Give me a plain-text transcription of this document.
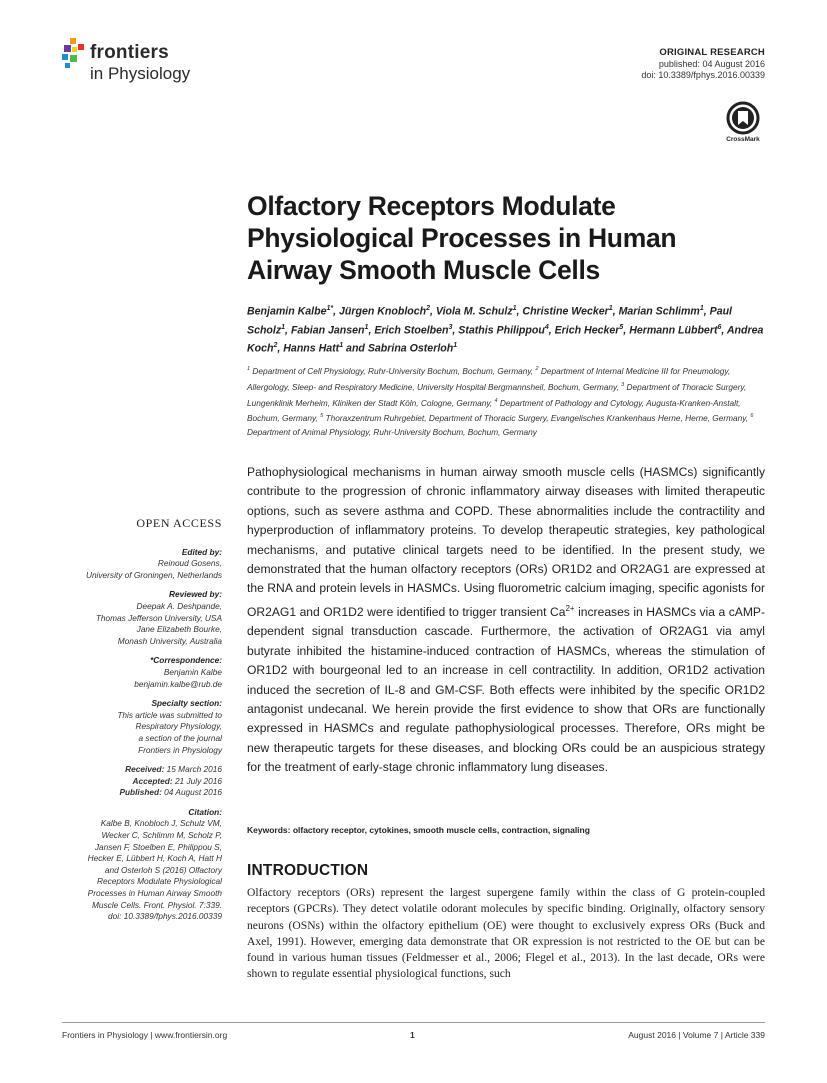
frontiers
in Physiology
ORIGINAL RESEARCH
published: 04 August 2016
doi: 10.3389/fphys.2016.00339
CrossMark
Olfactory Receptors Modulate Physiological Processes in Human Airway Smooth Muscle Cells
Benjamin Kalbe$^{1*}$, Jürgen Knobloch$^2$, Viola M. Schulz$^1$, Christine Wecker$^1$, Marian Schlimm$^1$, Paul Scholz$^1$, Fabian Jansen$^1$, Erich Stoelben$^3$, Stathis Philippou$^4$, Erich Hecker$^5$, Hermann Lübbert$^6$, Andrea Koch$^2$, Hanns Hatt$^1$ and Sabrina Osterloh$^1$
$^1$ Department of Cell Physiology, Ruhr-University Bochum, Bochum, Germany, $^2$ Department of Internal Medicine III for Pneumology, Allergology, Sleep- and Respiratory Medicine, University Hospital Bergmannsheil, Bochum, Germany, $^3$ Department of Thoracic Surgery, Lungenklinik Merheim, Kliniken der Stadt Köln, Cologne, Germany, $^4$ Department of Pathology and Cytology, Augusta-Kranken-Anstalt, Bochum, Germany, $^5$ Thoraxzentrum Ruhrgebiet, Department of Thoracic Surgery, Evangelisches Krankenhaus Herne, Herne, Germany, $^6$ Department of Animal Physiology, Ruhr-University Bochum, Bochum, Germany
Pathophysiological mechanisms in human airway smooth muscle cells (HASMCs) significantly contribute to the progression of chronic inflammatory airway diseases with limited therapeutic options, such as severe asthma and COPD. These abnormalities include the contractility and hyperproduction of inflammatory proteins. To develop therapeutic strategies, key pathological mechanisms, and putative clinical targets need to be identified. In the present study, we demonstrated that the human olfactory receptors (ORs) OR1D2 and OR2AG1 are expressed at the RNA and protein levels in HASMCs. Using fluorometric calcium imaging, specific agonists for OR2AG1 and OR1D2 were identified to trigger transient $Ca^{2+}$ increases in HASMCs via a cAMP-dependent signal transduction cascade. Furthermore, the activation of OR2AG1 via amyl butyrate inhibited the histamine-induced contraction of HASMCs, whereas the stimulation of OR1D2 with bourgeonal led to an increase in cell contractility. In addition, OR1D2 activation induced the secretion of IL-8 and GM-CSF. Both effects were inhibited by the specific OR1D2 antagonist undecanal. We herein provide the first evidence to show that ORs are functionally expressed in HASMCs and regulate pathophysiological processes. Therefore, ORs might be new therapeutic targets for these diseases, and blocking ORs could be an auspicious strategy for the treatment of early-stage chronic inflammatory lung diseases.
Keywords: olfactory receptor, cytokines, smooth muscle cells, contraction, signaling
INTRODUCTION
Olfactory receptors (ORs) represent the largest supergene family within the class of G protein-coupled receptors (GPCRs). They detect volatile odorant molecules by specific binding. Originally, olfactory sensory neurons (OSNs) within the olfactory epithelium (OE) were thought to exclusively express ORs (Buck and Axel, 1991). However, emerging data demonstrate that OR expression is not restricted to the OE but can be found in various human tissues (Feldmesser et al., 2006; Flegel et al., 2013). In the last decade, ORs were shown to regulate essential physiological functions, such
OPEN ACCESS
Edited by:
Reinoud Gosens,
University of Groningen, Netherlands
Reviewed by:
Deepak A. Deshpande,
Thomas Jefferson University, USA
Jane Elizabeth Bourke,
Monash University, Australia
*Correspondence:
Benjamin Kalbe
benjamin.kalbe@rub.de
Specialty section:
This article was submitted to
Respiratory Physiology,
a section of the journal
Frontiers in Physiology
Received: 15 March 2016
Accepted: 21 July 2016
Published: 04 August 2016
Citation:
Kalbe B, Knobloch J, Schulz VM,
Wecker C, Schlimm M, Scholz P,
Jansen F, Stoelben E, Philippou S,
Hecker E, Lübbert H, Koch A, Hatt H
and Osterloh S (2016) Olfactory
Receptors Modulate Physiological
Processes in Human Airway Smooth
Muscle Cells. Front. Physiol. 7:339.
doi: 10.3389/fphys.2016.00339
Frontiers in Physiology | www.frontiersin.org	1	August 2016 | Volume 7 | Article 339
